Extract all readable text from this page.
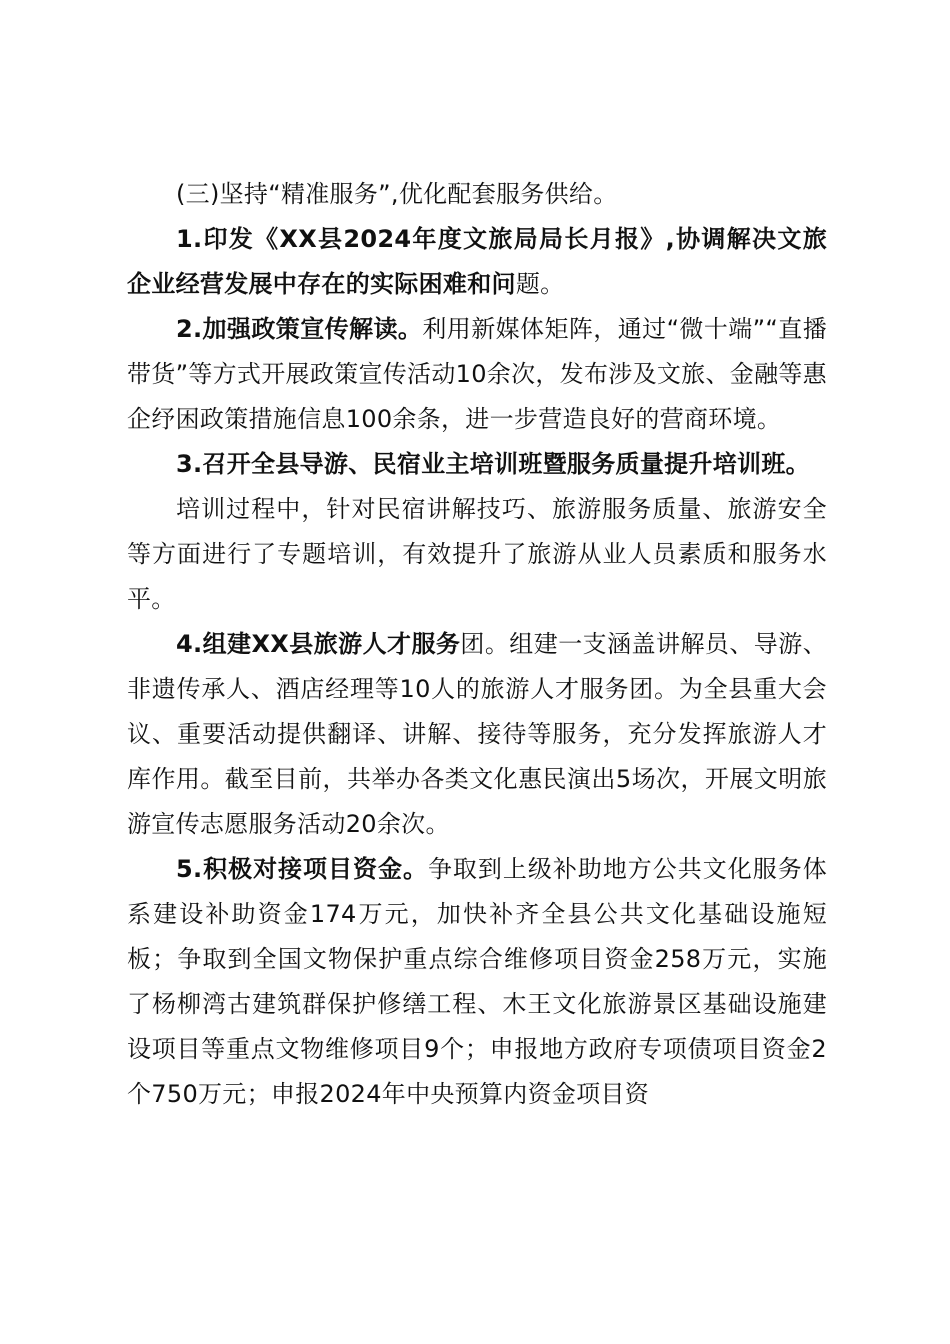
(三)坚持“精准服务”,优化配套服务供给。

1.印发《XX县2024年度文旅局局长月报》,协调解决文旅企业经营发展中存在的实际困难和问题。

2.加强政策宣传解读。利用新媒体矩阵，通过“微十端”“直播带货”等方式开展政策宣传活动10余次，发布涉及文旅、金融等惠企纾困政策措施信息100余条，进一步营造良好的营商环境。

3.召开全县导游、民宿业主培训班暨服务质量提升培训班。

培训过程中，针对民宿讲解技巧、旅游服务质量、旅游安全等方面进行了专题培训，有效提升了旅游从业人员素质和服务水平。

4.组建XX县旅游人才服务团。组建一支涵盖讲解员、导游、非遗传承人、酒店经理等10人的旅游人才服务团。为全县重大会议、重要活动提供翻译、讲解、接待等服务，充分发挥旅游人才库作用。截至目前，共举办各类文化惠民演出5场次，开展文明旅游宣传志愿服务活动20余次。

5.积极对接项目资金。争取到上级补助地方公共文化服务体系建设补助资金174万元，加快补齐全县公共文化基础设施短板；争取到全国文物保护重点综合维修项目资金258万元，实施了杨柳湾古建筑群保护修缮工程、木王文化旅游景区基础设施建设项目等重点文物维修项目9个；申报地方政府专项债项目资金2个750万元；申报2024年中央预算内资金项目资
